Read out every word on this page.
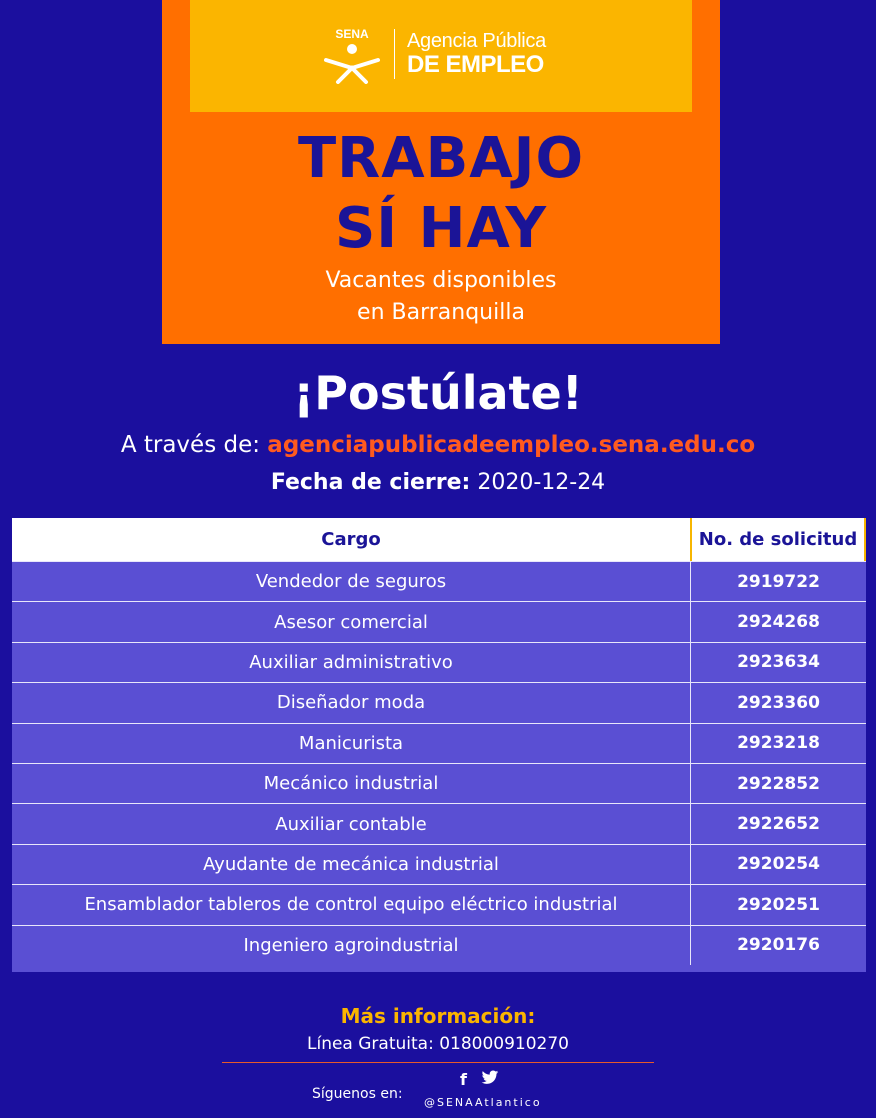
SENA Agencia Pública
DE EMPLEO
TRABAJO
SÍ HAY
Vacantes disponibles
en Barranquilla
¡Postúlate!
A través de: agenciapublicadeempleo.sena.edu.co
Fecha de cierre: 2020-12-24
Cargo	No. de solicitud
Vendedor de seguros	2919722
Asesor comercial	2924268
Auxiliar administrativo	2923634
Diseñador moda	2923360
Manicurista	2923218
Mecánico industrial	2922852
Auxiliar contable	2922652
Ayudante de mecánica industrial	2920254
Ensamblador tableros de control equipo eléctrico industrial	2920251
Ingeniero agroindustrial	2920176
Más información:
Línea Gratuita: 018000910270
Síguenos en:
f
@SENAAtlantico
